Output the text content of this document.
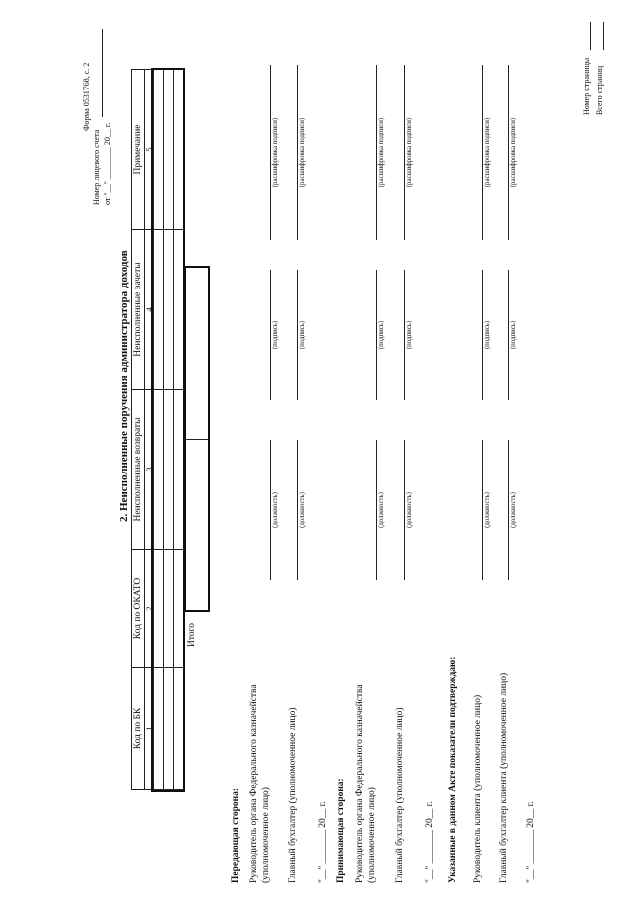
Форма 0531768, с. 2
Номер лицевого счета от "__" ________ 20__ г.
2. Неисполненные поручения администратора доходов
Код по БК	Код по ОКАТО	Неисполненные возвраты	Неисполненные зачеты	Примечание
1	2	3	4	5

Итого
Передающая сторона: Руководитель органа Федерального казначейства (уполномоченное лицо)
(должность)
(подпись)
(расшифровка подписи)
Главный бухгалтер (уполномоченное лицо)
(должность)
(подпись)
(расшифровка подписи)
"__" _______ 20__ г. Принимающая сторона: Руководитель органа Федерального казначейства (уполномоченное лицо)
(должность)
(подпись)
(расшифровка подписи)
Главный бухгалтер (уполномоченное лицо)
(должность)
(подпись)
(расшифровка подписи)
"__" _______ 20__ г. Указанные в данном Акте показатели подтверждаю: Руководитель клиента (уполномоченное лицо)
(должность)
(подпись)
(расшифровка подписи)
Главный бухгалтер клиента (уполномоченное лицо)
(должность)
(подпись)
(расшифровка подписи)
"__" _______ 20__ г.
Номер страницы Всего страниц
